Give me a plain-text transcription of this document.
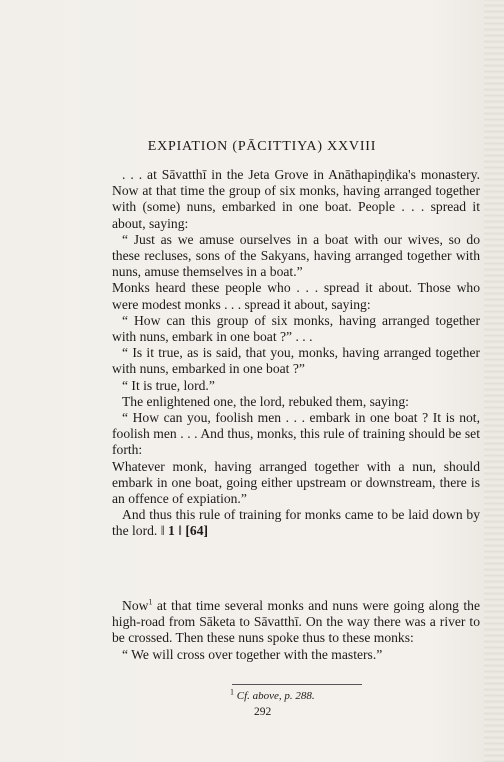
EXPIATION (PĀCITTIYA) XXVIII

. . . at Sāvatthī in the Jeta Grove in Anāthapiṇḍika's monastery. Now at that time the group of six monks, having arranged together with (some) nuns, embarked in one boat. People . . . spread it about, saying:

“ Just as we amuse ourselves in a boat with our wives, so do these recluses, sons of the Sakyans, having arranged together with nuns, amuse themselves in a boat.”

Monks heard these people who . . . spread it about. Those who were modest monks . . . spread it about, saying:

“ How can this group of six monks, having arranged together with nuns, embark in one boat ?” . . .

“ Is it true, as is said, that you, monks, having arranged together with nuns, embarked in one boat ?”

“ It is true, lord.”

The enlightened one, the lord, rebuked them, saying:

“ How can you, foolish men . . . embark in one boat ? It is not, foolish men . . . And thus, monks, this rule of training should be set forth:

Whatever monk, having arranged together with a nun, should embark in one boat, going either upstream or downstream, there is an offence of expiation.”

And thus this rule of training for monks came to be laid down by the lord. ‖ 1 ‖ [64]

Now$^1$ at that time several monks and nuns were going along the high-road from Sāketa to Sāvatthī. On the way there was a river to be crossed. Then these nuns spoke thus to these monks:

“ We will cross over together with the masters.”

$^1$ Cf. above, p. 288.
292
